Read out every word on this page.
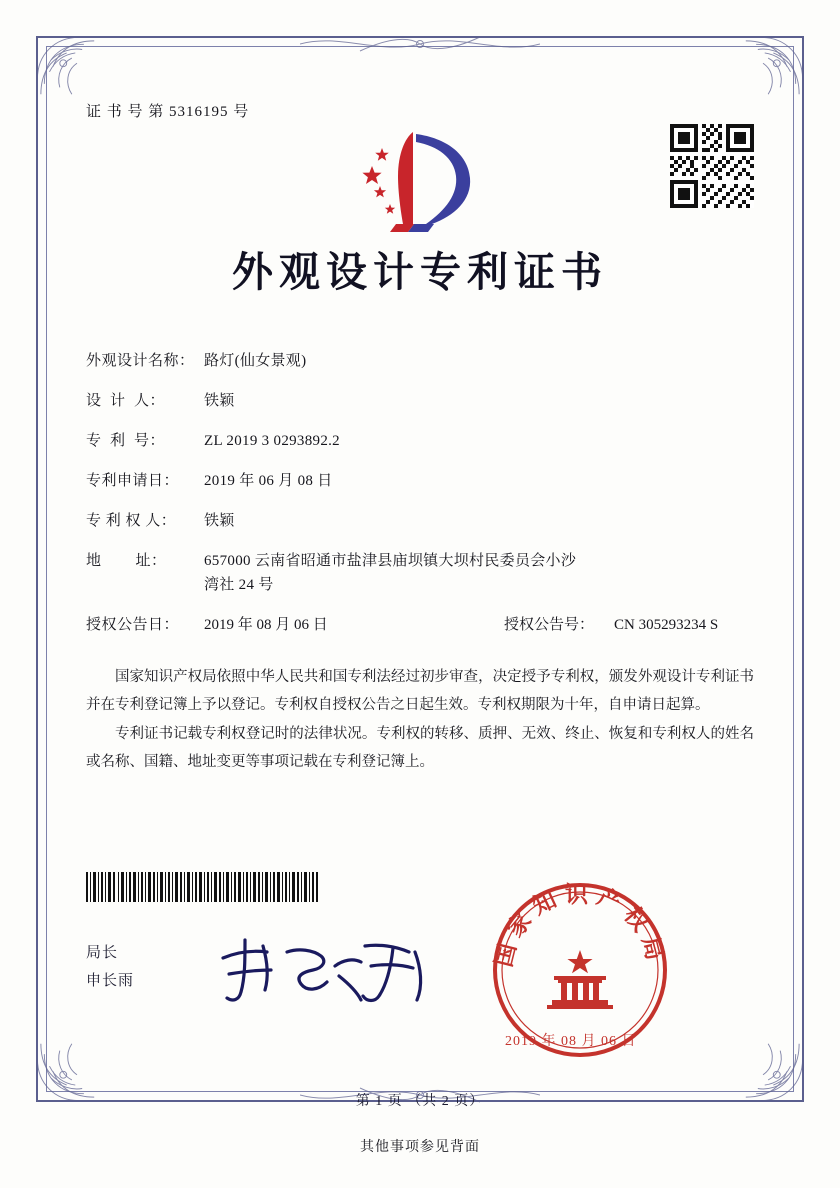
证 书 号 第 5316195 号
外观设计专利证书
外观设计名称： 路灯(仙女景观)
设  计  人：	铁颖
专  利  号：	ZL 2019 3 0293892.2
专利申请日：	2019 年 06 月 08 日
专 利 权 人：	铁颖
地        址：	657000 云南省昭通市盐津县庙坝镇大坝村民委员会小沙
湾社 24 号
授权公告日：	2019 年 08 月 06 日	授权公告号：	CN 305293234 S

国家知识产权局依照中华人民共和国专利法经过初步审查，决定授予专利权，颁发外观设计专利证书并在专利登记簿上予以登记。专利权自授权公告之日起生效。专利权期限为十年，自申请日起算。

专利证书记载专利权登记时的法律状况。专利权的转移、质押、无效、终止、恢复和专利权人的姓名或名称、国籍、地址变更等事项记载在专利登记簿上。

局长
申长雨
国家知识产权局
2019 年 08 月 06 日
第 1 页 （共 2 页）
其他事项参见背面
